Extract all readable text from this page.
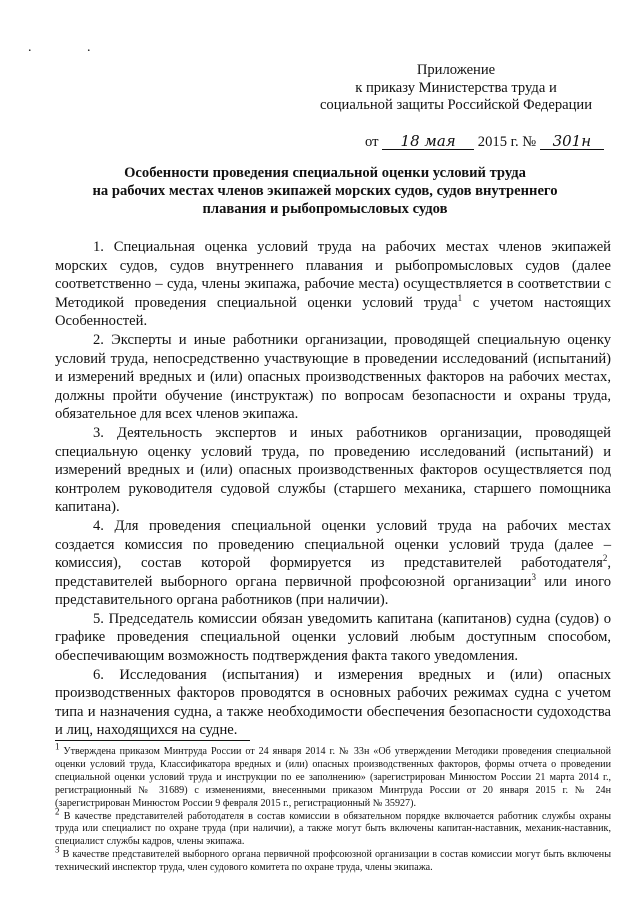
. .
Приложение
к приказу Министерства труда и
социальной защиты Российской Федерации
от 18 мая 2015 г. № 301н
Особенности проведения специальной оценки условий труда
на рабочих местах членов экипажей морских судов, судов внутреннего
плавания и рыбопромысловых судов

1. Специальная оценка условий труда на рабочих местах членов экипажей морских судов, судов внутреннего плавания и рыбопромысловых судов (далее соответственно – суда, члены экипажа, рабочие места) осуществляется в соответствии с Методикой проведения специальной оценки условий труда$^1$ с учетом настоящих Особенностей.

2. Эксперты и иные работники организации, проводящей специальную оценку условий труда, непосредственно участвующие в проведении исследований (испытаний) и измерений вредных и (или) опасных производственных факторов на рабочих местах, должны пройти обучение (инструктаж) по вопросам безопасности и охраны труда, обязательное для всех членов экипажа.

3. Деятельность экспертов и иных работников организации, проводящей специальную оценку условий труда, по проведению исследований (испытаний) и измерений вредных и (или) опасных производственных факторов осуществляется под контролем руководителя судовой службы (старшего механика, старшего помощника капитана).

4. Для проведения специальной оценки условий труда на рабочих местах создается комиссия по проведению специальной оценки условий труда (далее – комиссия), состав которой формируется из представителей работодателя$^2$, представителей выборного органа первичной профсоюзной организации$^3$ или иного представительного органа работников (при наличии).

5. Председатель комиссии обязан уведомить капитана (капитанов) судна (судов) о графике проведения специальной оценки условий любым доступным способом, обеспечивающим возможность подтверждения факта такого уведомления.

6. Исследования (испытания) и измерения вредных и (или) опасных производственных факторов проводятся в основных рабочих режимах судна с учетом типа и назначения судна, а также необходимости обеспечения безопасности судоходства и лиц, находящихся на судне.

$^1$ Утверждена приказом Минтруда России от 24 января 2014 г. № 33н «Об утверждении Методики проведения специальной оценки условий труда, Классификатора вредных и (или) опасных производственных факторов, формы отчета о проведении специальной оценки условий труда и инструкции по ее заполнению» (зарегистрирован Минюстом России 21 марта 2014 г., регистрационный № 31689) с изменениями, внесенными приказом Минтруда России от 20 января 2015 г. № 24н (зарегистрирован Минюстом России 9 февраля 2015 г., регистрационный № 35927).

$^2$ В качестве представителей работодателя в состав комиссии в обязательном порядке включается работник службы охраны труда или специалист по охране труда (при наличии), а также могут быть включены капитан-наставник, механик-наставник, специалист службы кадров, члены экипажа.

$^3$ В качестве представителей выборного органа первичной профсоюзной организации в состав комиссии могут быть включены технический инспектор труда, член судового комитета по охране труда, члены экипажа.
